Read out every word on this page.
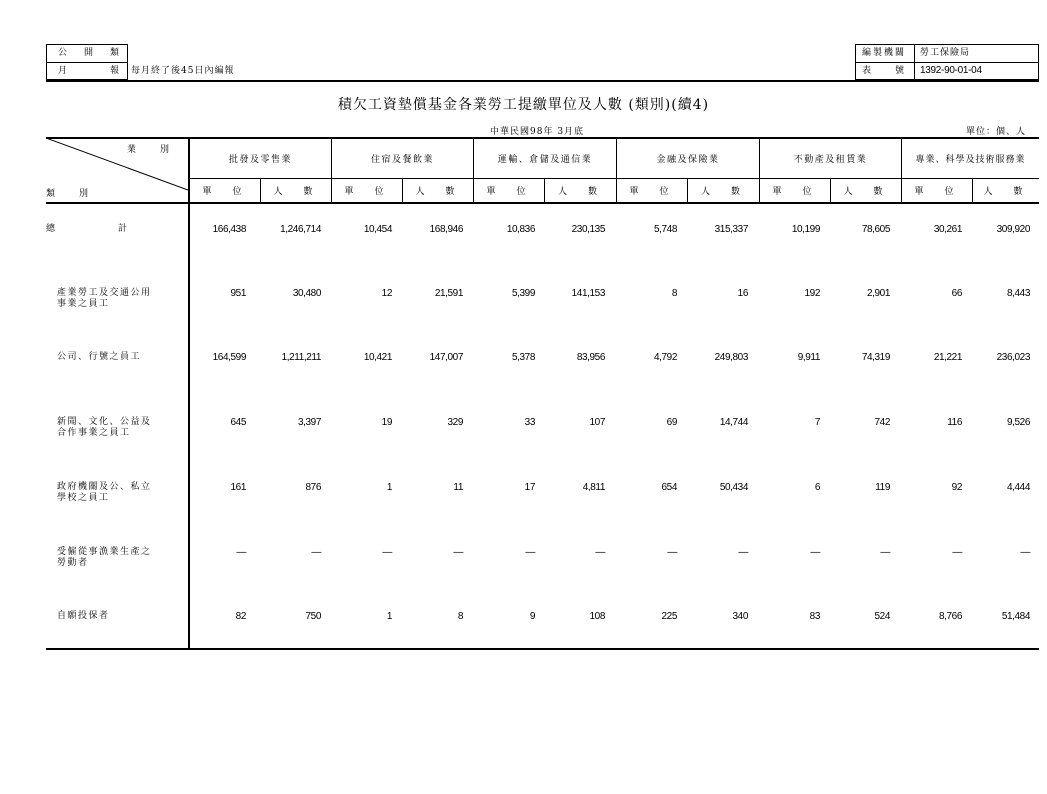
公　開　類
月　　　報 每月終了後45日內編報
編製機關 勞工保險局
表　　號 1392-90-01-04
積欠工資墊償基金各業勞工提繳單位及人數 (類別)(續4)
中華民國98年 3月底	單位：個、人
業　　別
類　　別
批發及零售業	住宿及餐飲業	運輸、倉儲及通信業	金融及保險業	不動產及租賃業	專業、科學及技術服務業
單　位	人　數	單　位	人　數	單　位	人　數	單　位	人　數	單　位	人　數	單　位	人　數
總　　　　　計	166,438	1,246,714	10,454	168,946	10,836	230,135	5,748	315,337	10,199	78,605	30,261	309,920
產業勞工及交通公用
事業之員工
951	30,480	12	21,591	5,399	141,153	8	16	192	2,901	66	8,443
公司、行號之員工	164,599	1,211,211	10,421	147,007	5,378	83,956	4,792	249,803	9,911	74,319	21,221	236,023
新聞、文化、公益及
合作事業之員工
645	3,397	19	329	33	107	69	14,744	7	742	116	9,526
政府機關及公、私立
學校之員工
161	876	1	11	17	4,811	654	50,434	6	119	92	4,444
受僱從事漁業生產之
勞動者
—	—	—	—	—	—	—	—	—	—	—	—
自願投保者	82	750	1	8	9	108	225	340	83	524	8,766	51,484
